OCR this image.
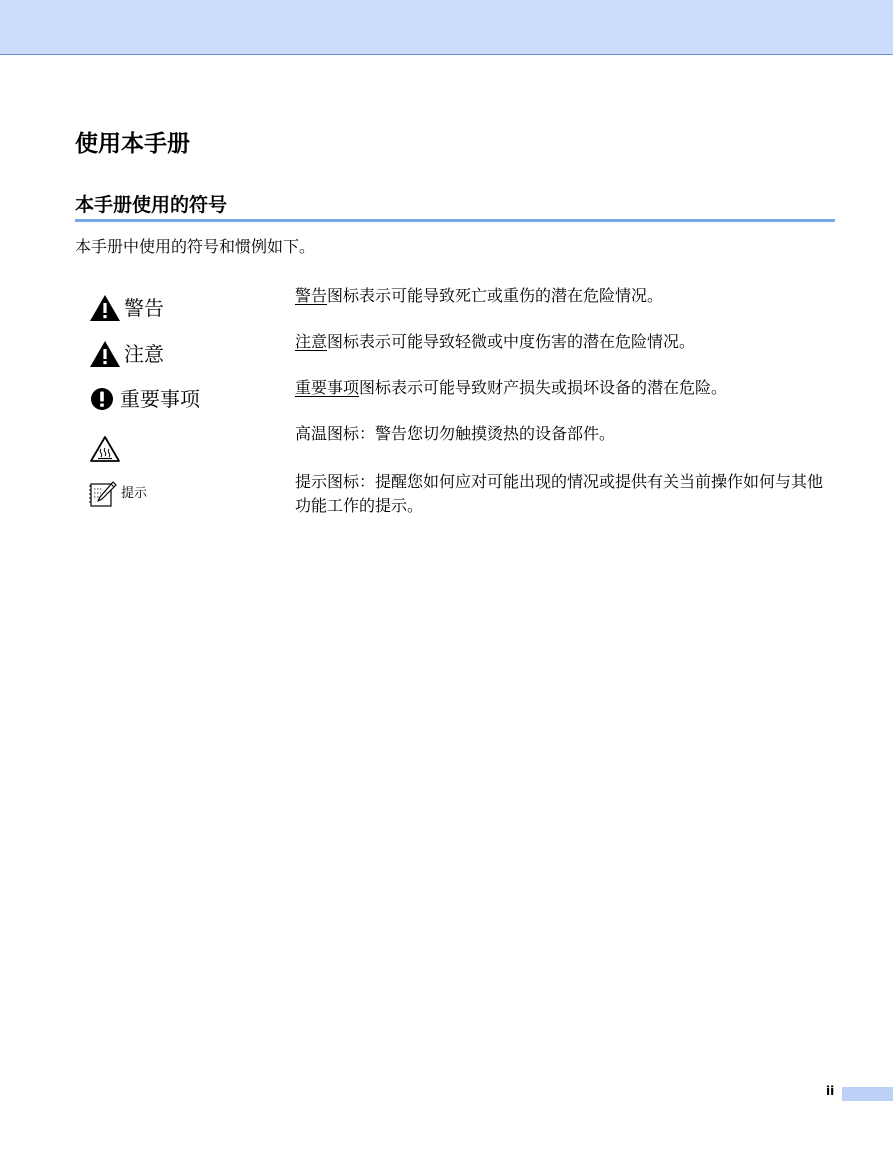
使用本手册
本手册使用的符号

本手册中使用的符号和惯例如下。

警告

警告图标表示可能导致死亡或重伤的潜在危险情况。

注意

注意图标表示可能导致轻微或中度伤害的潜在危险情况。

重要事项	重要事项图标表示可能导致财产损失或损坏设备的潜在危险。

高温图标：警告您切勿触摸烫热的设备部件。

提示

提示图标：提醒您如何应对可能出现的情况或提供有关当前操作如何与其他功能工作的提示。

ii
